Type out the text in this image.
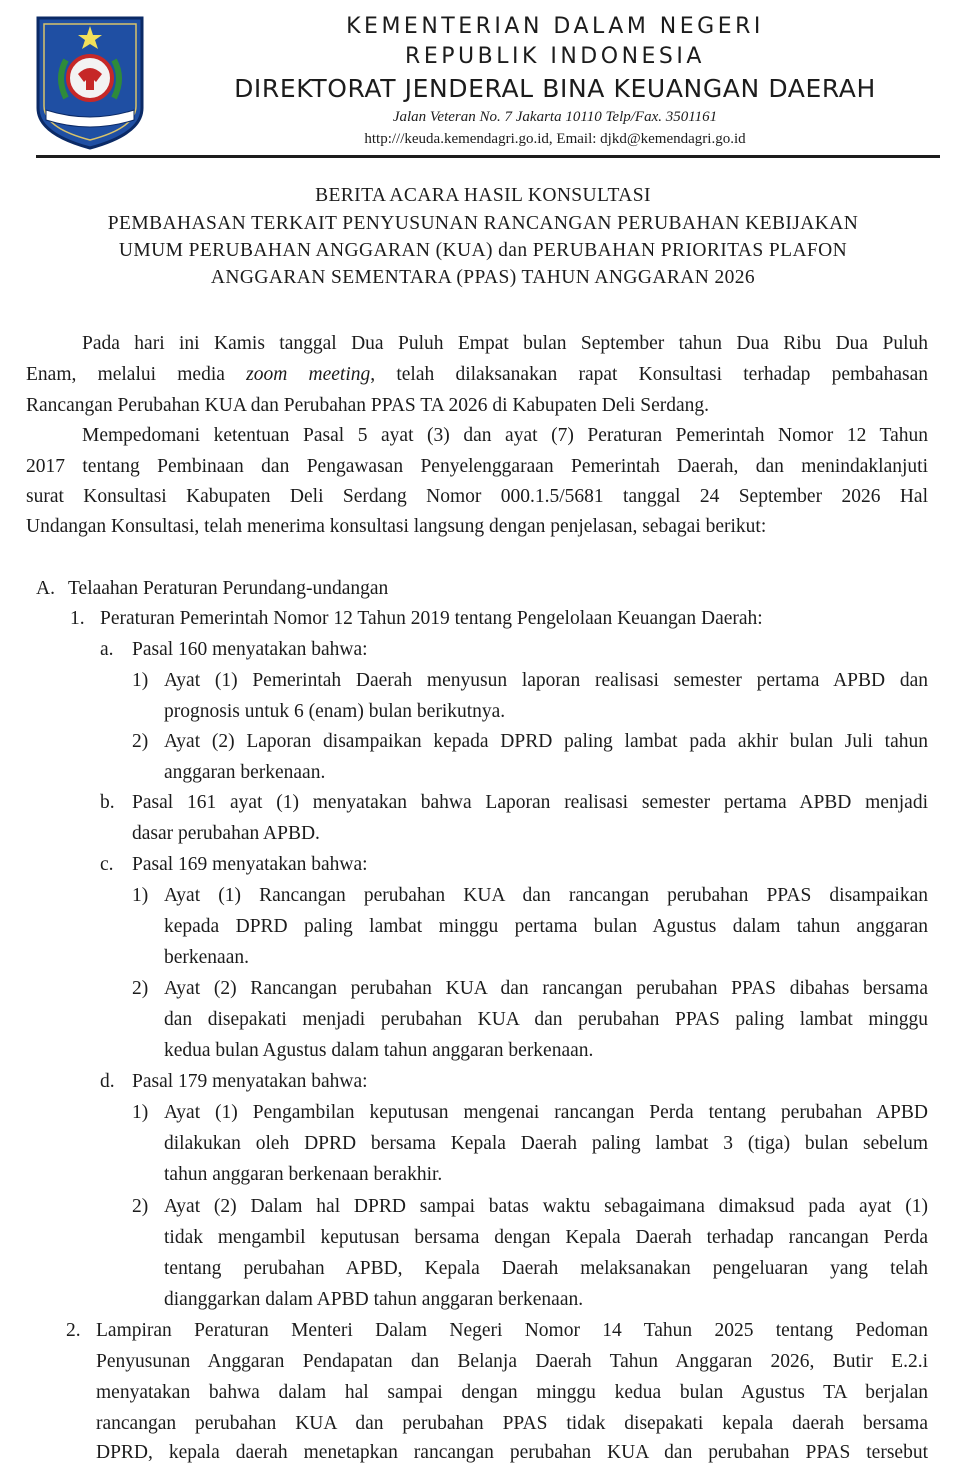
KEMENTERIAN DALAM NEGERI
REPUBLIK INDONESIA
DIREKTORAT JENDERAL BINA KEUANGAN DAERAH
Jalan Veteran No. 7 Jakarta 10110 Telp/Fax. 3501161
http:///keuda.kemendagri.go.id, Email: djkd@kemendagri.go.id
BERITA ACARA HASIL KONSULTASI
PEMBAHASAN TERKAIT PENYUSUNAN RANCANGAN PERUBAHAN KEBIJAKAN
UMUM PERUBAHAN ANGGARAN (KUA) dan PERUBAHAN PRIORITAS PLAFON
ANGGARAN SEMENTARA (PPAS) TAHUN ANGGARAN 2026
Pada hari ini Kamis tanggal Dua Puluh Empat bulan September tahun Dua Ribu Dua Puluh
Enam, melalui media zoom meeting, telah dilaksanakan rapat Konsultasi terhadap pembahasan
Rancangan Perubahan KUA dan Perubahan PPAS TA 2026 di Kabupaten Deli Serdang.
Mempedomani ketentuan Pasal 5 ayat (3) dan ayat (7) Peraturan Pemerintah Nomor 12 Tahun
2017 tentang Pembinaan dan Pengawasan Penyelenggaraan Pemerintah Daerah, dan menindaklanjuti
surat Konsultasi Kabupaten Deli Serdang Nomor 000.1.5/5681 tanggal 24 September 2026 Hal
Undangan Konsultasi, telah menerima konsultasi langsung dengan penjelasan, sebagai berikut:
A. Telaahan Peraturan Perundang-undangan
1. Peraturan Pemerintah Nomor 12 Tahun 2019 tentang Pengelolaan Keuangan Daerah:
a. Pasal 160 menyatakan bahwa:
1) Ayat (1) Pemerintah Daerah menyusun laporan realisasi semester pertama APBD dan
prognosis untuk 6 (enam) bulan berikutnya.
2) Ayat (2) Laporan disampaikan kepada DPRD paling lambat pada akhir bulan Juli tahun
anggaran berkenaan.
b. Pasal 161 ayat (1) menyatakan bahwa Laporan realisasi semester pertama APBD menjadi
dasar perubahan APBD.
c. Pasal 169 menyatakan bahwa:
1) Ayat (1) Rancangan perubahan KUA dan rancangan perubahan PPAS disampaikan
kepada DPRD paling lambat minggu pertama bulan Agustus dalam tahun anggaran
berkenaan.
2) Ayat (2) Rancangan perubahan KUA dan rancangan perubahan PPAS dibahas bersama
dan disepakati menjadi perubahan KUA dan perubahan PPAS paling lambat minggu
kedua bulan Agustus dalam tahun anggaran berkenaan.
d. Pasal 179 menyatakan bahwa:
1) Ayat (1) Pengambilan keputusan mengenai rancangan Perda tentang perubahan APBD
dilakukan oleh DPRD bersama Kepala Daerah paling lambat 3 (tiga) bulan sebelum
tahun anggaran berkenaan berakhir.
2) Ayat (2) Dalam hal DPRD sampai batas waktu sebagaimana dimaksud pada ayat (1)
tidak mengambil keputusan bersama dengan Kepala Daerah terhadap rancangan Perda
tentang perubahan APBD, Kepala Daerah melaksanakan pengeluaran yang telah
dianggarkan dalam APBD tahun anggaran berkenaan.
2. Lampiran Peraturan Menteri Dalam Negeri Nomor 14 Tahun 2025 tentang Pedoman
Penyusunan Anggaran Pendapatan dan Belanja Daerah Tahun Anggaran 2026, Butir E.2.i
menyatakan bahwa dalam hal sampai dengan minggu kedua bulan Agustus TA berjalan
rancangan perubahan KUA dan perubahan PPAS tidak disepakati kepala daerah bersama
DPRD, kepala daerah menetapkan rancangan perubahan KUA dan perubahan PPAS tersebut
